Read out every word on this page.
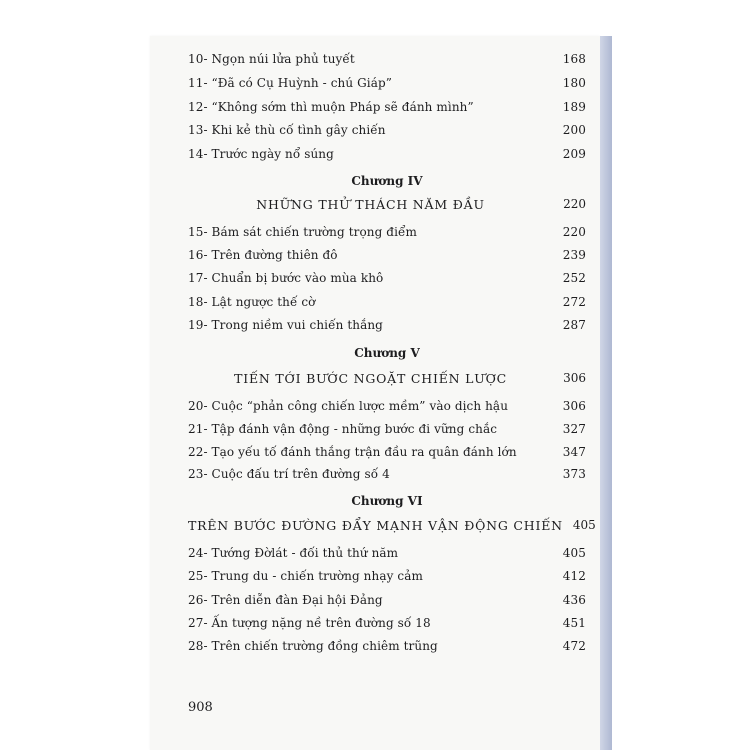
10- Ngọn núi lửa phủ tuyết	168
11- “Đã có Cụ Huỳnh - chú Giáp”	180
12- “Không sớm thì muộn Pháp sẽ đánh mình”	189
13- Khi kẻ thù cố tình gây chiến	200
14- Trước ngày nổ súng	209
Chương IV
NHỮNG THỬ THÁCH NĂM ĐẦU	220
15- Bám sát chiến trường trọng điểm	220
16- Trên đường thiên đô	239
17- Chuẩn bị bước vào mùa khô	252
18- Lật ngược thế cờ	272
19- Trong niềm vui chiến thắng	287
Chương V
TIẾN TỚI BƯỚC NGOẶT CHIẾN LƯỢC	306
20- Cuộc “phản công chiến lược mềm” vào dịch hậu	306
21- Tập đánh vận động - những bước đi vững chắc	327
22- Tạo yếu tố đánh thắng trận đầu ra quân đánh lớn	347
23- Cuộc đấu trí trên đường số 4	373
Chương VI
TRÊN BƯỚC ĐƯỜNG ĐẨY MẠNH VẬN ĐỘNG CHIẾN 405
24- Tướng Đờlát - đối thủ thứ năm	405
25- Trung du - chiến trường nhạy cảm	412
26- Trên diễn đàn Đại hội Đảng	436
27- Ấn tượng nặng nề trên đường số 18	451
28- Trên chiến trường đồng chiêm trũng	472
908
